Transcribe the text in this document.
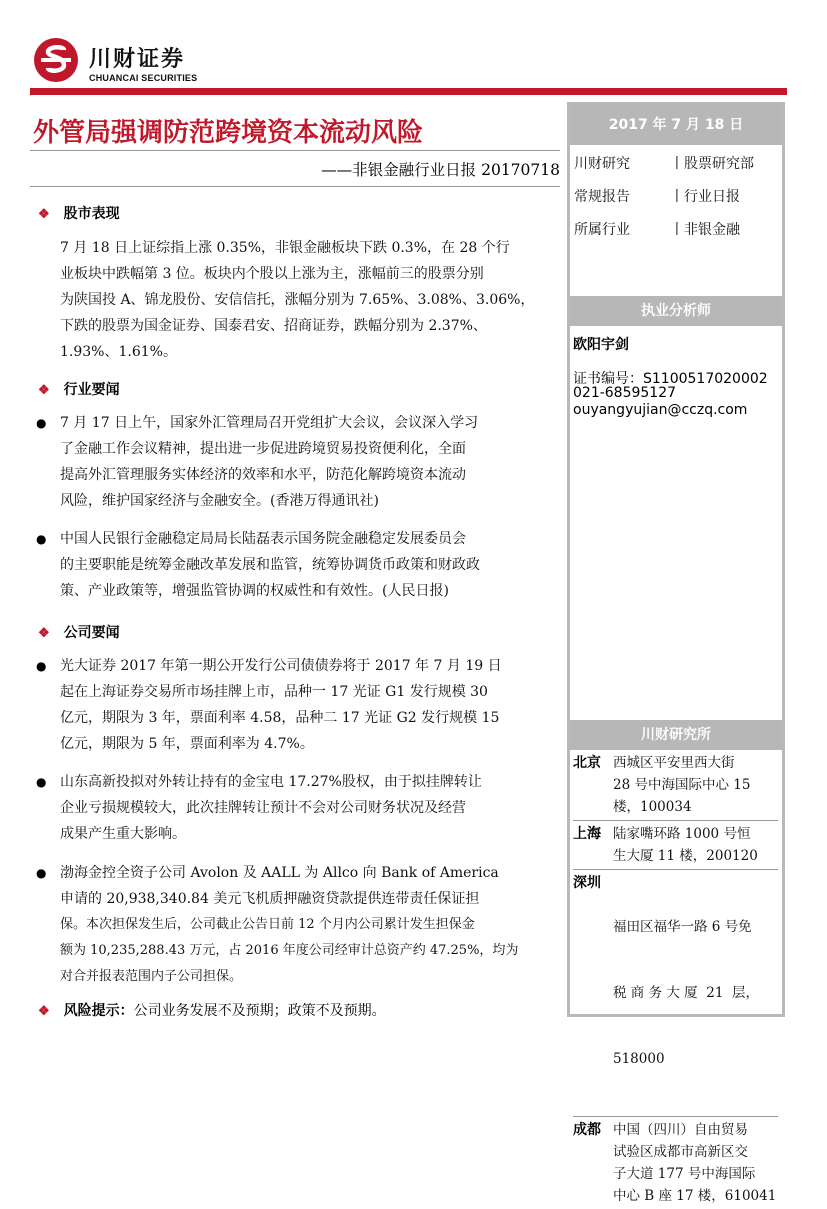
川财证券
CHUANCAI SECURITIES
外管局强调防范跨境资本流动风险
——非银金融行业日报 20170718
❖ 股市表现
7 月 18 日上证综指上涨 0.35%，非银金融板块下跌 0.3%，在 28 个行
业板块中跌幅第 3 位。板块内个股以上涨为主，涨幅前三的股票分别
为陕国投 A、锦龙股份、安信信托，涨幅分别为 7.65%、3.08%、3.06%，
下跌的股票为国金证券、国泰君安、招商证券，跌幅分别为 2.37%、
1.93%、1.61%。
❖ 行业要闻
● 7 月 17 日上午，国家外汇管理局召开党组扩大会议，会议深入学习
了金融工作会议精神，提出进一步促进跨境贸易投资便利化，全面
提高外汇管理服务实体经济的效率和水平，防范化解跨境资本流动
风险，维护国家经济与金融安全。(香港万得通讯社)
● 中国人民银行金融稳定局局长陆磊表示国务院金融稳定发展委员会
的主要职能是统筹金融改革发展和监管，统筹协调货币政策和财政政
策、产业政策等，增强监管协调的权威性和有效性。(人民日报)
❖ 公司要闻
● 光大证券 2017 年第一期公开发行公司债债券将于 2017 年 7 月 19 日
起在上海证券交易所市场挂牌上市，品种一 17 光证 G1 发行规模 30
亿元，期限为 3 年，票面利率 4.58，品种二 17 光证 G2 发行规模 15
亿元，期限为 5 年，票面利率为 4.7%。
● 山东高新投拟对外转让持有的金宝电 17.27%股权，由于拟挂牌转让
企业亏损规模较大，此次挂牌转让预计不会对公司财务状况及经营
成果产生重大影响。
● 渤海金控全资子公司 Avolon 及 AALL 为 Allco 向 Bank of America
申请的 20,938,340.84 美元飞机质押融资贷款提供连带责任保证担
保。本次担保发生后，公司截止公告日前 12 个月内公司累计发生担保金
额为 10,235,288.43 万元，占 2016 年度公司经审计总资产约 47.25%，均为
对合并报表范围内子公司担保。
❖ 风险提示：公司业务发展不及预期；政策不及预期。
2017 年 7 月 18 日
川财研究	丨股票研究部
常规报告	丨行业日报
所属行业	丨非银金融
执业分析师
欧阳宇剑
证书编号：S1100517020002
021-68595127
ouyangyujian@cczq.com
川财研究所
北京 西城区平安里西大街
28 号中海国际中心 15
楼，100034
上海 陆家嘴环路 1000 号恒
生大厦 11 楼，200120
深圳

福田区福华一路 6 号免

税 商 务 大 厦  21  层，

518000

成都 中国（四川）自由贸易
试验区成都市高新区交
子大道 177 号中海国际
中心 B 座 17 楼，610041
